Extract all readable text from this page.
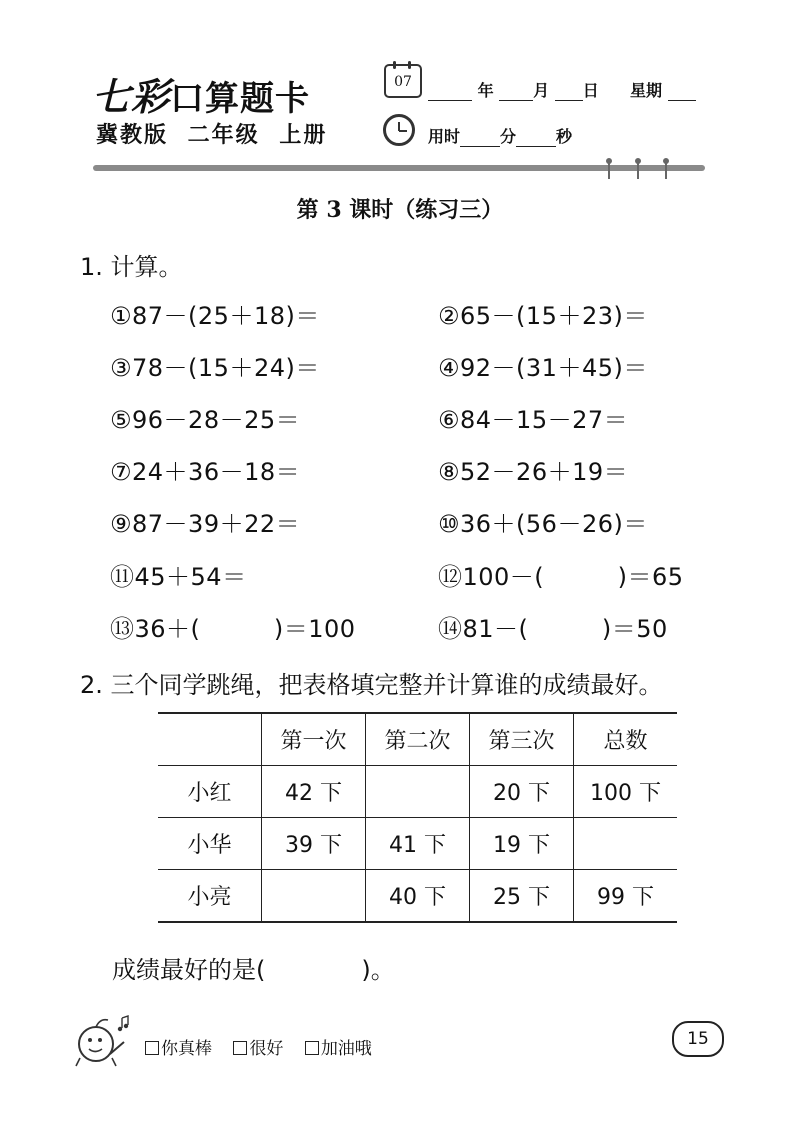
七彩口算题卡
冀教版 二年级 上册
07	年 月 日 星期
用时	分	秒
第 3 课时（练习三）
1. 计算。
①87－(25＋18)＝	②65－(15＋23)＝
③78－(15＋24)＝	④92－(31＋45)＝
⑤96－28－25＝	⑥84－15－27＝
⑦24＋36－18＝	⑧52－26＋19＝
⑨87－39＋22＝	⑩36＋(56－26)＝
⑪45＋54＝	⑫100－(　　　)＝65
⑬36＋(　　　)＝100	⑭81－(　　　)＝50
2. 三个同学跳绳，把表格填完整并计算谁的成绩最好。
	第一次	第二次	第三次	总数
小红	42 下		20 下	100 下
小华	39 下	41 下	19 下	
小亮		40 下	25 下	99 下
成绩最好的是(　　　　)。
你真棒 很好 加油哦	15
